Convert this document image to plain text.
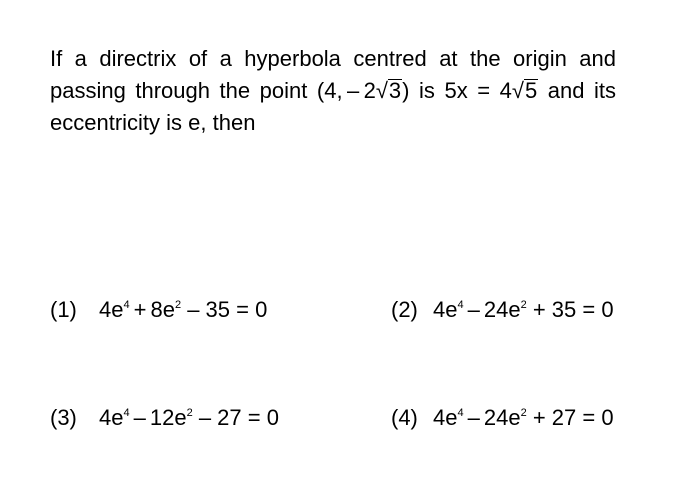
If a directrix of a hyperbola centred at the origin and
passing through the point (4, – 2√3) is 5x = 4√5 and its
eccentricity is e, then
(1) $4e^4 + 8e^2 - 35 = 0$	(2) $4e^4 - 24e^2 + 35 = 0$
(3) $4e^4 - 12e^2 - 27 = 0$	(4) $4e^4 - 24e^2 + 27 = 0$
